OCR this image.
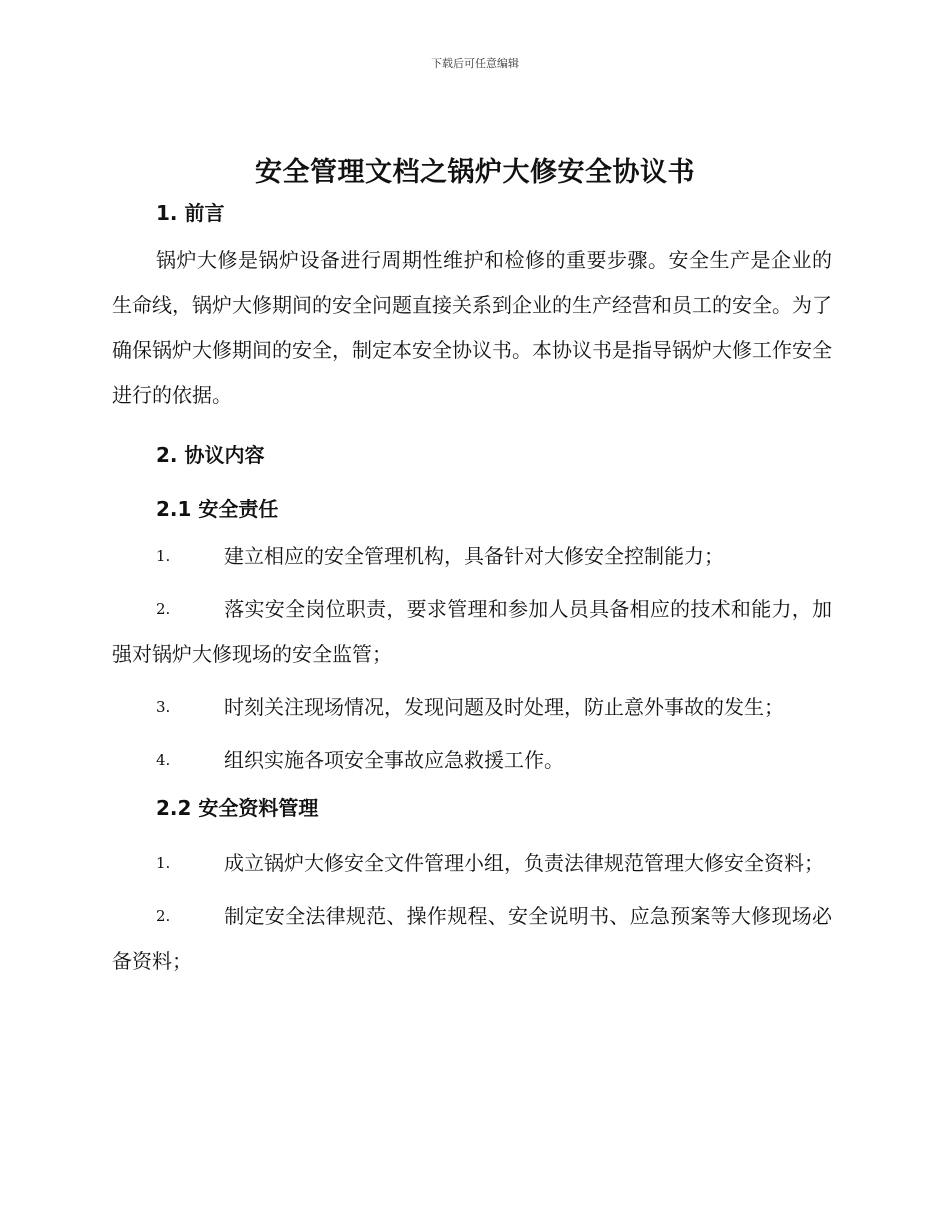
下载后可任意编辑
安全管理文档之锅炉大修安全协议书

1. 前言

锅炉大修是锅炉设备进行周期性维护和检修的重要步骤。安全生产是企业的生命线，锅炉大修期间的安全问题直接关系到企业的生产经营和员工的安全。为了确保锅炉大修期间的安全，制定本安全协议书。本协议书是指导锅炉大修工作安全进行的依据。

2. 协议内容

2.1 安全责任

1.	建立相应的安全管理机构，具备针对大修安全控制能力；

2.	落实安全岗位职责，要求管理和参加人员具备相应的技术和能力，加强对锅炉大修现场的安全监管；

3.	时刻关注现场情况，发现问题及时处理，防止意外事故的发生；

4.	组织实施各项安全事故应急救援工作。

2.2 安全资料管理

1.	成立锅炉大修安全文件管理小组，负责法律规范管理大修安全资料；

2.	制定安全法律规范、操作规程、安全说明书、应急预案等大修现场必备资料；
